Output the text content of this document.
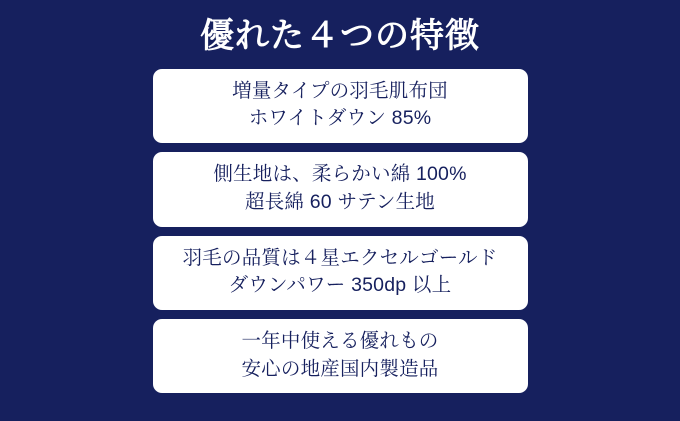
優れた４つの特徴
増量タイプの羽毛肌布団
ホワイトダウン 85%
側生地は、柔らかい綿 100%
超長綿 60 サテン生地
羽毛の品質は４星エクセルゴールド
ダウンパワー 350dp 以上
一年中使える優れもの
安心の地産国内製造品
